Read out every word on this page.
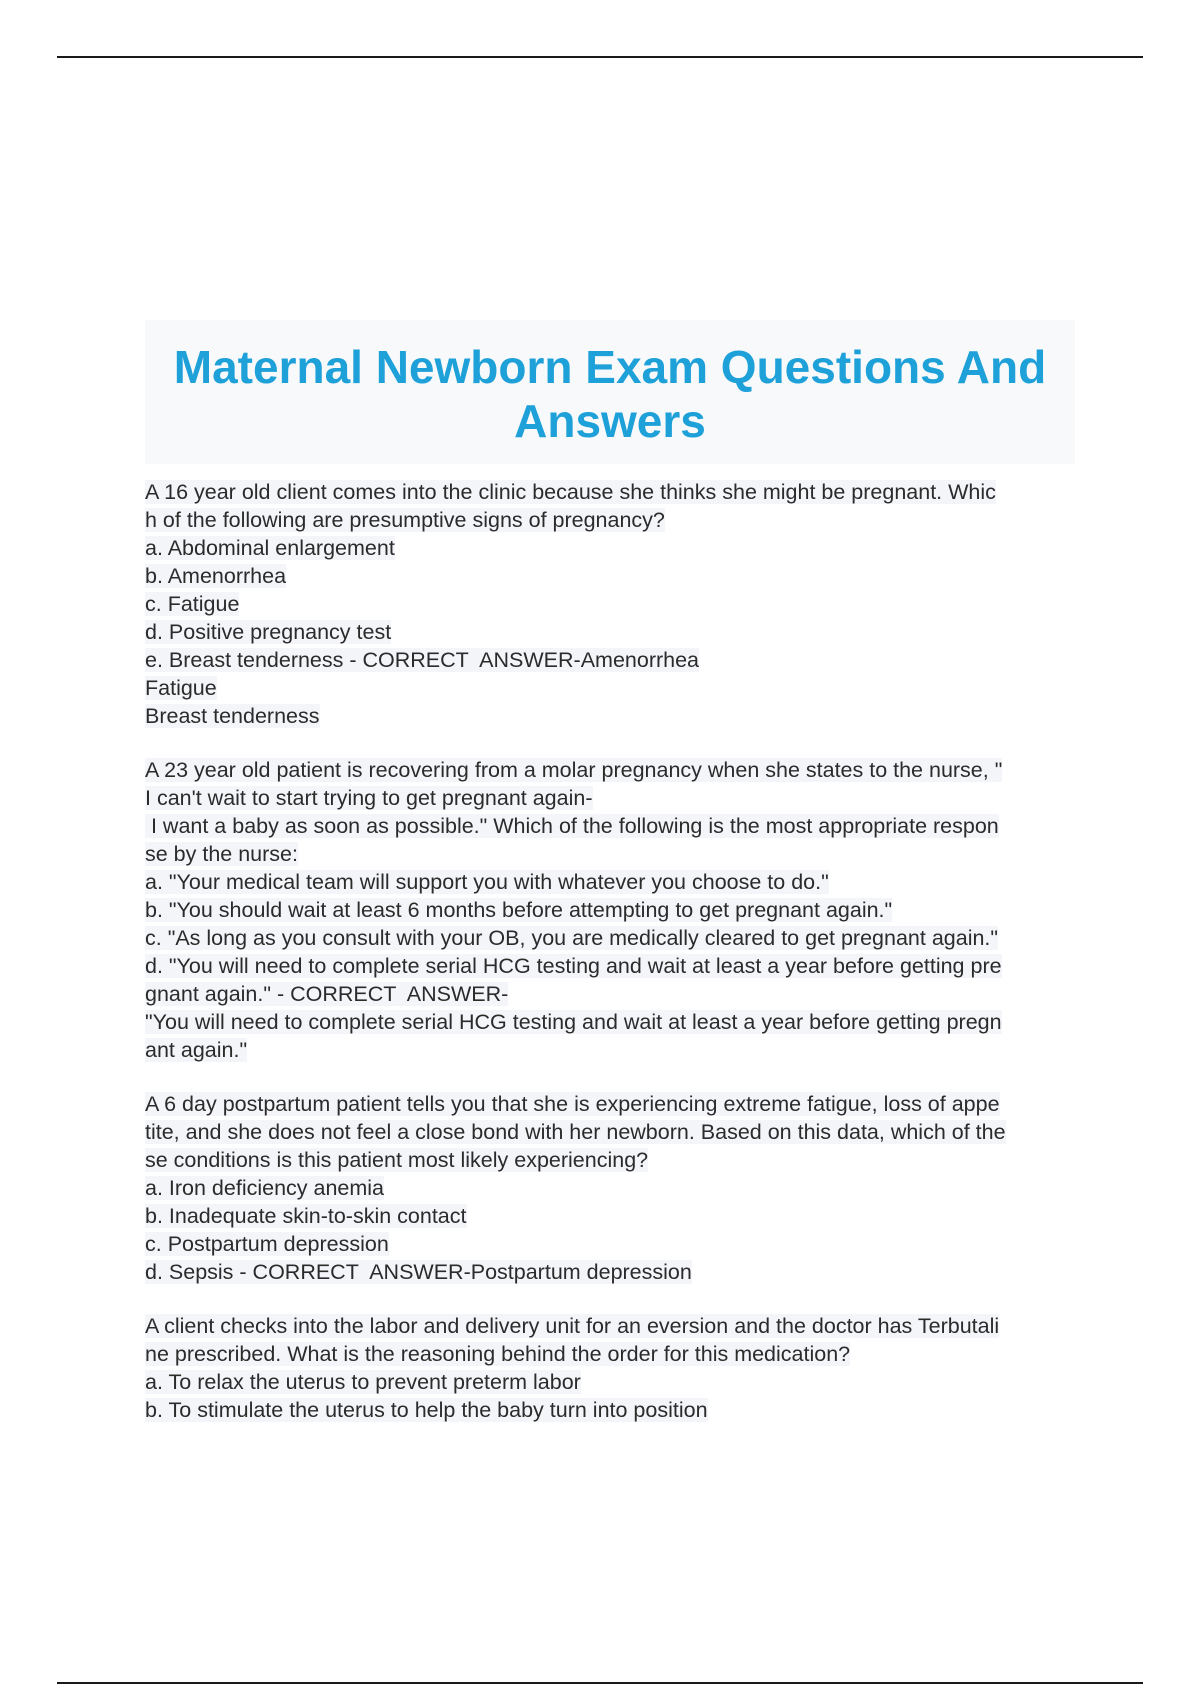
Maternal Newborn Exam Questions And
Answers
A 16 year old client comes into the clinic because she thinks she might be pregnant. Whic
h of the following are presumptive signs of pregnancy?
a. Abdominal enlargement
b. Amenorrhea
c. Fatigue
d. Positive pregnancy test
e. Breast tenderness - CORRECT  ANSWER-Amenorrhea
Fatigue
Breast tenderness
A 23 year old patient is recovering from a molar pregnancy when she states to the nurse, "
I can't wait to start trying to get pregnant again-
I want a baby as soon as possible." Which of the following is the most appropriate respon
se by the nurse:
a. "Your medical team will support you with whatever you choose to do."
b. "You should wait at least 6 months before attempting to get pregnant again."
c. "As long as you consult with your OB, you are medically cleared to get pregnant again."
d. "You will need to complete serial HCG testing and wait at least a year before getting pre
gnant again." - CORRECT  ANSWER-
"You will need to complete serial HCG testing and wait at least a year before getting pregn
ant again."
A 6 day postpartum patient tells you that she is experiencing extreme fatigue, loss of appe
tite, and she does not feel a close bond with her newborn. Based on this data, which of the
se conditions is this patient most likely experiencing?
a. Iron deficiency anemia
b. Inadequate skin-to-skin contact
c. Postpartum depression
d. Sepsis - CORRECT  ANSWER-Postpartum depression
A client checks into the labor and delivery unit for an eversion and the doctor has Terbutali
ne prescribed. What is the reasoning behind the order for this medication?
a. To relax the uterus to prevent preterm labor
b. To stimulate the uterus to help the baby turn into position
